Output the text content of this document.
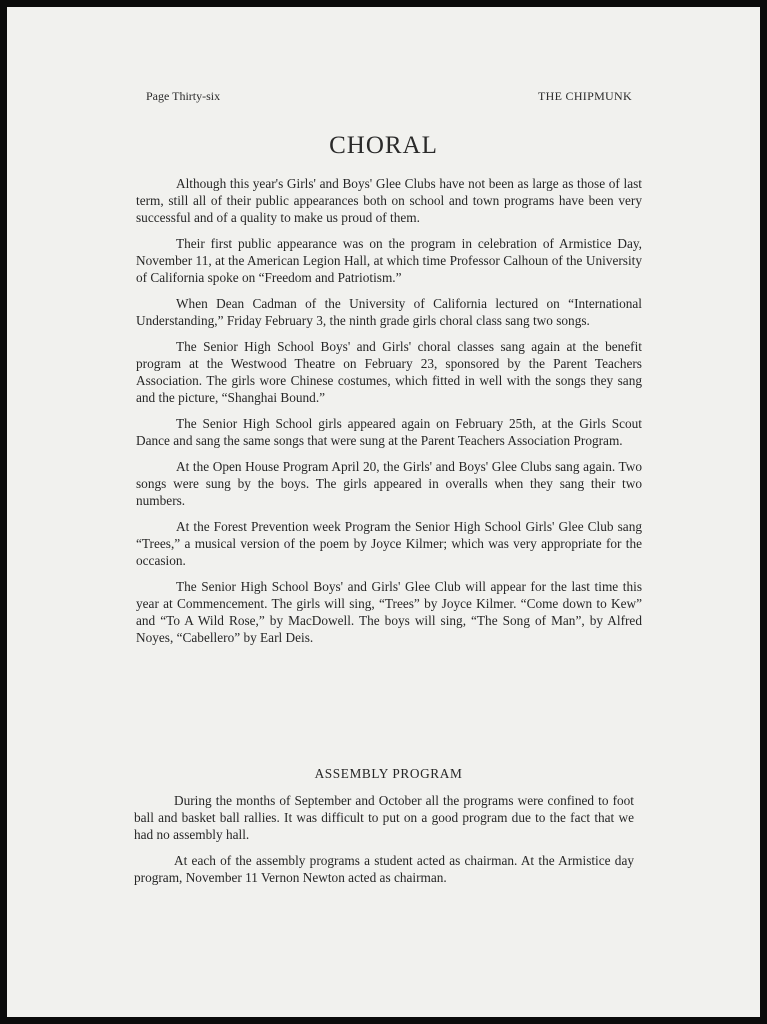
Page Thirty-six	THE CHIPMUNK
CHORAL

Although this year's Girls' and Boys' Glee Clubs have not been as large as those of last term, still all of their public appearances both on school and town programs have been very successful and of a quality to make us proud of them.

Their first public appearance was on the program in celebration of Armistice Day, November 11, at the American Legion Hall, at which time Professor Calhoun of the University of California spoke on “Freedom and Patriotism.”

When Dean Cadman of the University of California lectured on “International Understanding,” Friday February 3, the ninth grade girls choral class sang two songs.

The Senior High School Boys' and Girls' choral classes sang again at the benefit program at the Westwood Theatre on February 23, sponsored by the Parent Teachers Association. The girls wore Chinese costumes, which fitted in well with the songs they sang and the picture, “Shanghai Bound.”

The Senior High School girls appeared again on February 25th, at the Girls Scout Dance and sang the same songs that were sung at the Parent Teachers Association Program.

At the Open House Program April 20, the Girls' and Boys' Glee Clubs sang again. Two songs were sung by the boys. The girls appeared in overalls when they sang their two numbers.

At the Forest Prevention week Program the Senior High School Girls' Glee Club sang “Trees,” a musical version of the poem by Joyce Kilmer; which was very appropriate for the occasion.

The Senior High School Boys' and Girls' Glee Club will appear for the last time this year at Commencement. The girls will sing, “Trees” by Joyce Kilmer. “Come down to Kew” and “To A Wild Rose,” by MacDowell. The boys will sing, “The Song of Man”, by Alfred Noyes, “Cabellero” by Earl Deis.

ASSEMBLY PROGRAM

During the months of September and October all the programs were confined to foot ball and basket ball rallies. It was difficult to put on a good program due to the fact that we had no assembly hall.

At each of the assembly programs a student acted as chairman. At the Armistice day program, November 11 Vernon Newton acted as chairman.
